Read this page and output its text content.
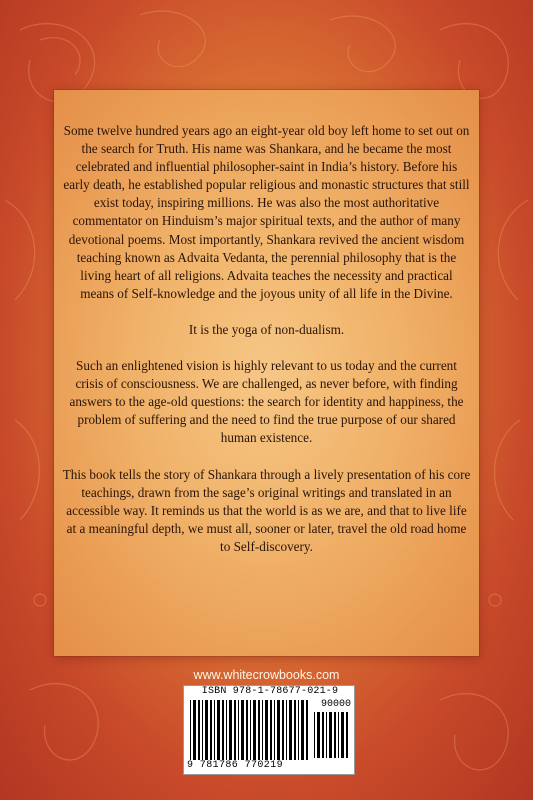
Some twelve hundred years ago an eight-year old boy left home to set out on the search for Truth. His name was Shankara, and he became the most celebrated and influential philosopher-saint in India’s history. Before his early death, he established popular religious and monastic structures that still exist today, inspiring millions. He was also the most authoritative commentator on Hinduism’s major spiritual texts, and the author of many devotional poems. Most importantly, Shankara revived the ancient wisdom teaching known as Advaita Vedanta, the perennial philosophy that is the living heart of all religions. Advaita teaches the necessity and practical means of Self-knowledge and the joyous unity of all life in the Divine.

It is the yoga of non-dualism.

Such an enlightened vision is highly relevant to us today and the current crisis of consciousness. We are challenged, as never before, with finding answers to the age-old questions: the search for identity and happiness, the problem of suffering and the need to find the true purpose of our shared human existence.

This book tells the story of Shankara through a lively presentation of his core teachings, drawn from the sage’s original writings and translated in an accessible way. It reminds us that the world is as we are, and that to live life at a meaningful depth, we must all, sooner or later, travel the old road home to Self-discovery.

www.whitecrowbooks.com
ISBN 978-1-78677-021-9
90000
9 781786 770219
